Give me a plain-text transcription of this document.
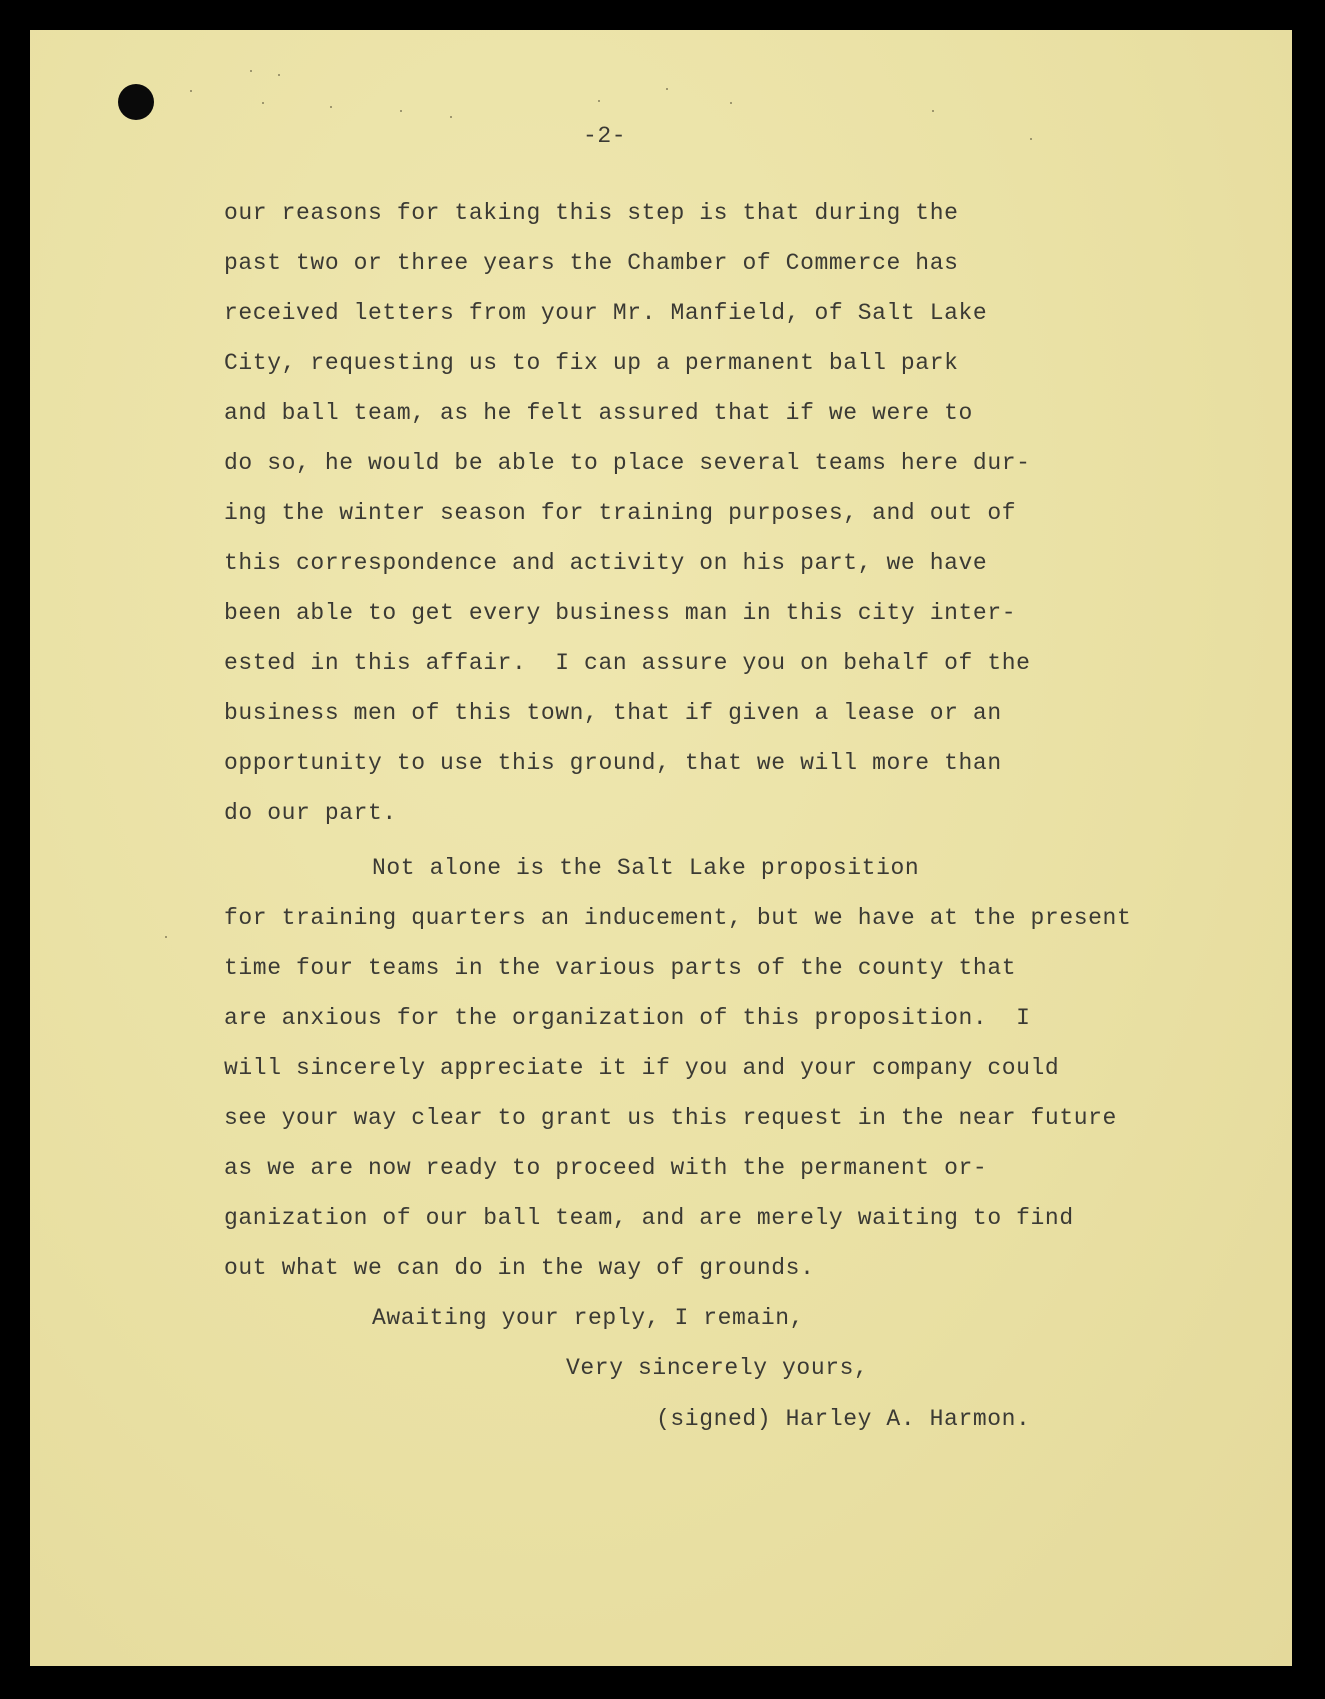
-2-

our reasons for taking this step is that during the

past two or three years the Chamber of Commerce has

received letters from your Mr. Manfield, of Salt Lake

City, requesting us to fix up a permanent ball park

and ball team, as he felt assured that if we were to

do so, he would be able to place several teams here dur-

ing the winter season for training purposes, and out of

this correspondence and activity on his part, we have

been able to get every business man in this city inter-

ested in this affair.  I can assure you on behalf of the

business men of this town, that if given a lease or an

opportunity to use this ground, that we will more than

do our part.

Not alone is the Salt Lake proposition

for training quarters an inducement, but we have at the present

time four teams in the various parts of the county that

are anxious for the organization of this proposition.  I

will sincerely appreciate it if you and your company could

see your way clear to grant us this request in the near future

as we are now ready to proceed with the permanent or-

ganization of our ball team, and are merely waiting to find

out what we can do in the way of grounds.

Awaiting your reply, I remain,

Very sincerely yours,

(signed) Harley A. Harmon.
